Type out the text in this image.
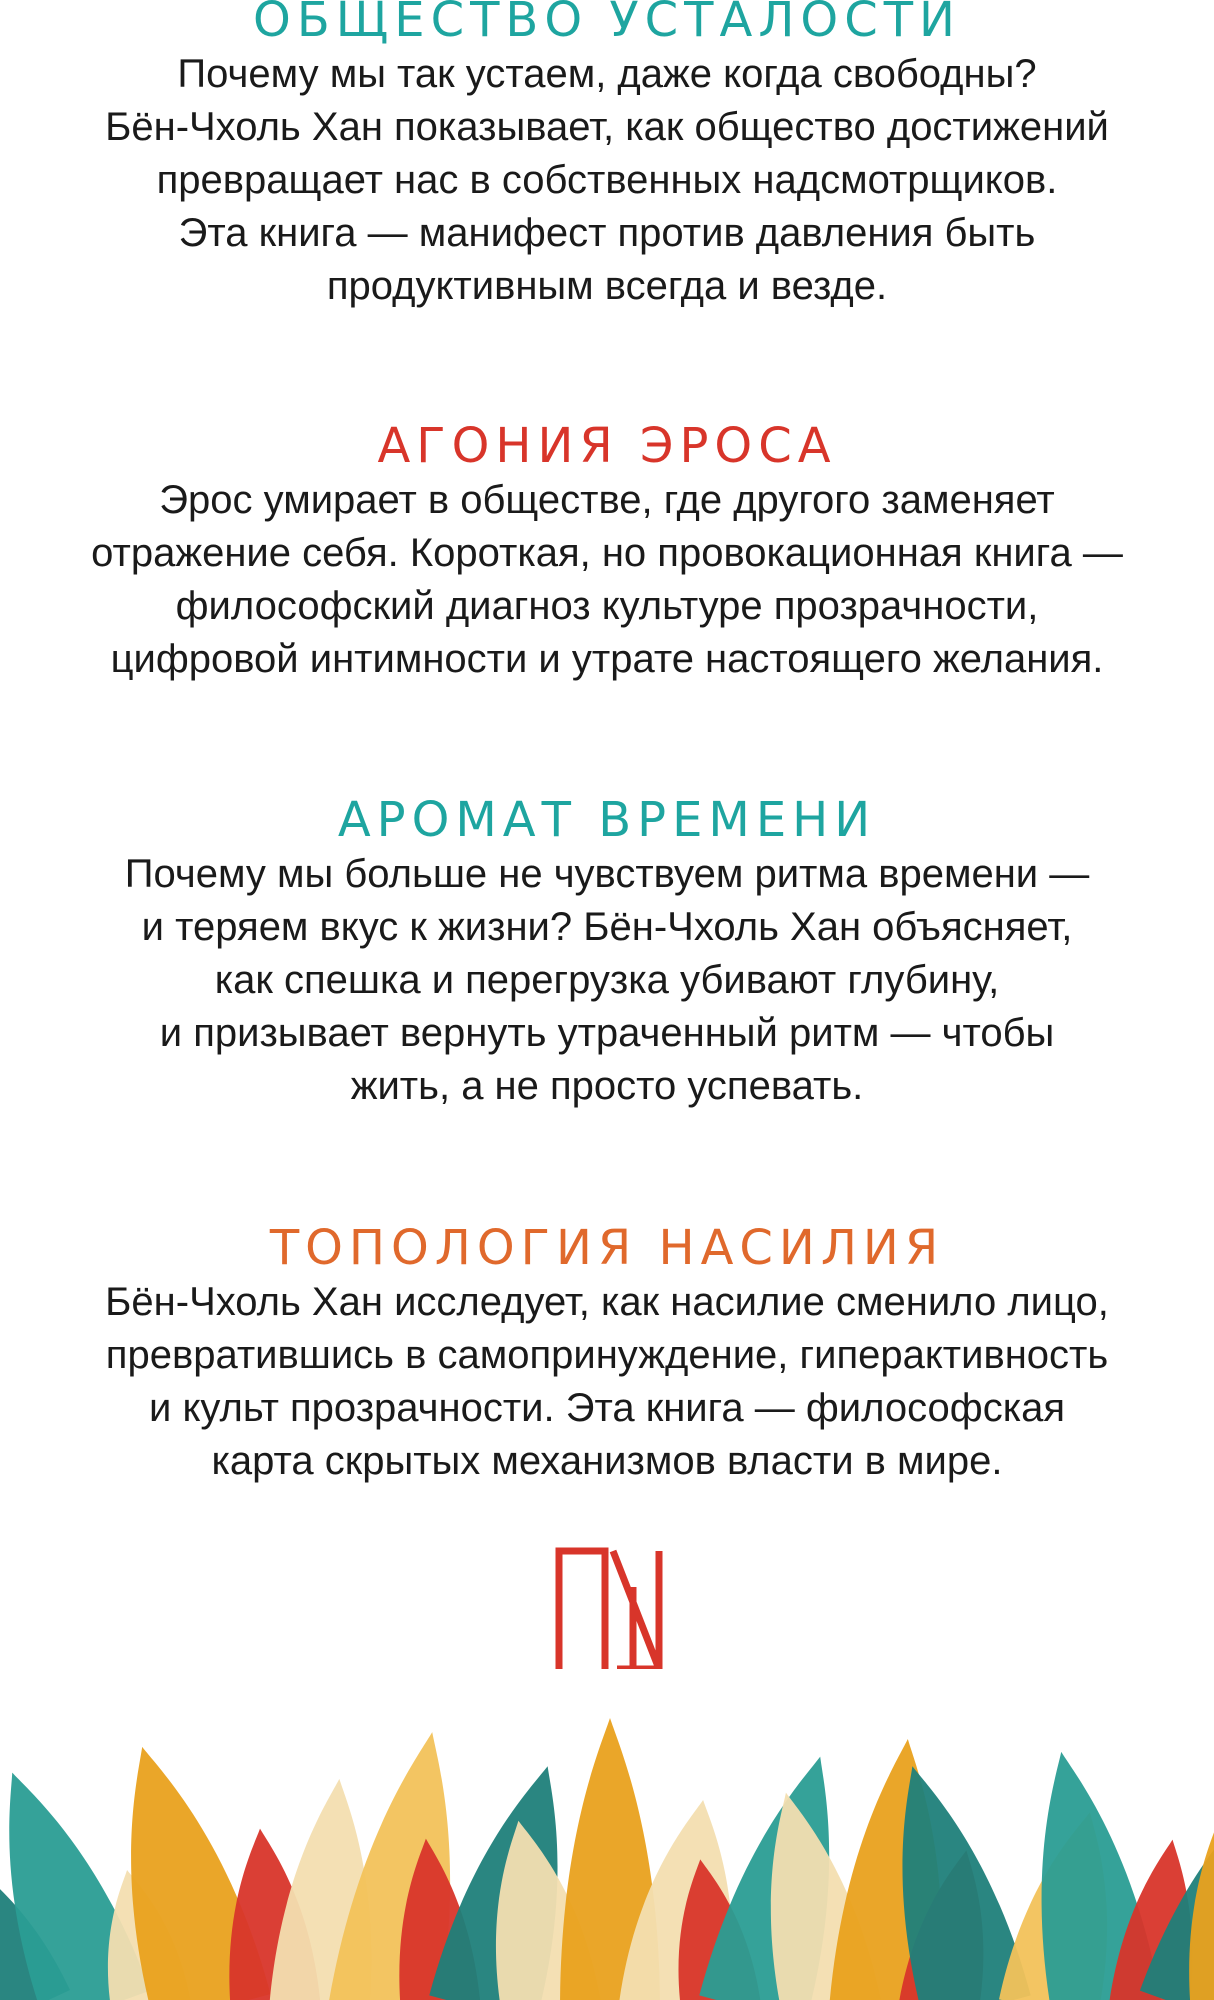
ОБЩЕСТВО УСТАЛОСТИ
Почему мы так устаем, даже когда свободны?
Бён-Чхоль Хан показывает, как общество достижений
превращает нас в собственных надсмотрщиков.
Эта книга — манифест против давления быть
продуктивным всегда и везде.
АГОНИЯ ЭРОСА
Эрос умирает в обществе, где другого заменяет
отражение себя. Короткая, но провокационная книга —
философский диагноз культуре прозрачности,
цифровой интимности и утрате настоящего желания.
АРОМАТ ВРЕМЕНИ
Почему мы больше не чувствуем ритма времени —
и теряем вкус к жизни? Бён-Чхоль Хан объясняет,
как спешка и перегрузка убивают глубину,
и призывает вернуть утраченный ритм — чтобы
жить, а не просто успевать.
ТОПОЛОГИЯ НАСИЛИЯ
Бён-Чхоль Хан исследует, как насилие сменило лицо,
превратившись в самопринуждение, гиперактивность
и культ прозрачности. Эта книга — философская
карта скрытых механизмов власти в мире.
